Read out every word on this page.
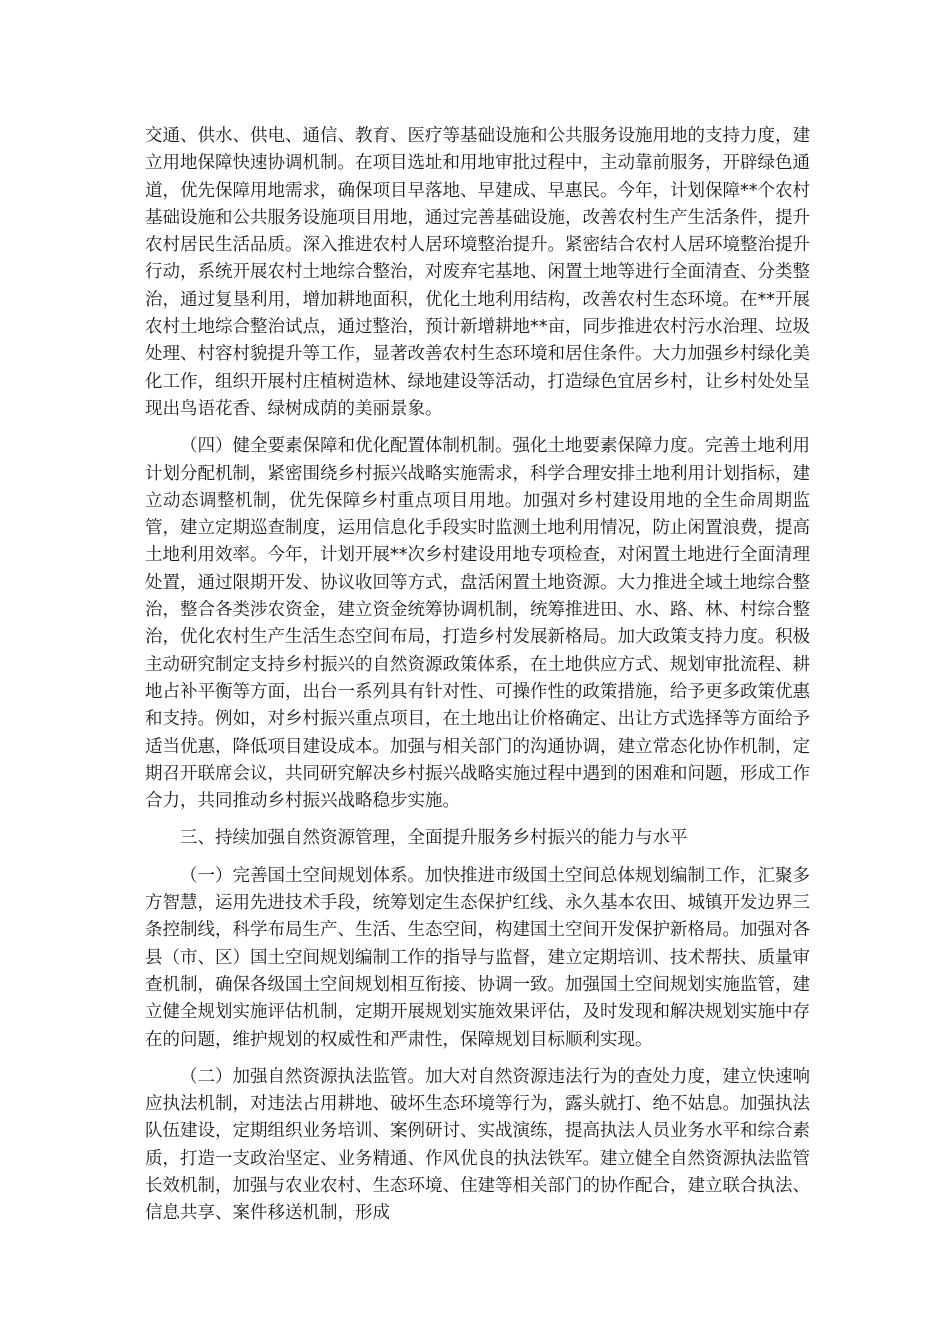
交通、供水、供电、通信、教育、医疗等基础设施和公共服务设施用地的支持力度，建立用地保障快速协调机制。在项目选址和用地审批过程中，主动靠前服务，开辟绿色通道，优先保障用地需求，确保项目早落地、早建成、早惠民。今年，计划保障**个农村基础设施和公共服务设施项目用地，通过完善基础设施，改善农村生产生活条件，提升农村居民生活品质。深入推进农村人居环境整治提升。紧密结合农村人居环境整治提升行动，系统开展农村土地综合整治，对废弃宅基地、闲置土地等进行全面清查、分类整治，通过复垦利用，增加耕地面积，优化土地利用结构，改善农村生态环境。在**开展农村土地综合整治试点，通过整治，预计新增耕地**亩，同步推进农村污水治理、垃圾处理、村容村貌提升等工作，显著改善农村生态环境和居住条件。大力加强乡村绿化美化工作，组织开展村庄植树造林、绿地建设等活动，打造绿色宜居乡村，让乡村处处呈现出鸟语花香、绿树成荫的美丽景象。

（四）健全要素保障和优化配置体制机制。强化土地要素保障力度。完善土地利用计划分配机制，紧密围绕乡村振兴战略实施需求，科学合理安排土地利用计划指标，建立动态调整机制，优先保障乡村重点项目用地。加强对乡村建设用地的全生命周期监管，建立定期巡查制度，运用信息化手段实时监测土地利用情况，防止闲置浪费，提高土地利用效率。今年，计划开展**次乡村建设用地专项检查，对闲置土地进行全面清理处置，通过限期开发、协议收回等方式，盘活闲置土地资源。大力推进全域土地综合整治，整合各类涉农资金，建立资金统筹协调机制，统筹推进田、水、路、林、村综合整治，优化农村生产生活生态空间布局，打造乡村发展新格局。加大政策支持力度。积极主动研究制定支持乡村振兴的自然资源政策体系，在土地供应方式、规划审批流程、耕地占补平衡等方面，出台一系列具有针对性、可操作性的政策措施，给予更多政策优惠和支持。例如，对乡村振兴重点项目，在土地出让价格确定、出让方式选择等方面给予适当优惠，降低项目建设成本。加强与相关部门的沟通协调，建立常态化协作机制，定期召开联席会议，共同研究解决乡村振兴战略实施过程中遇到的困难和问题，形成工作合力，共同推动乡村振兴战略稳步实施。

三、持续加强自然资源管理，全面提升服务乡村振兴的能力与水平

（一）完善国土空间规划体系。加快推进市级国土空间总体规划编制工作，汇聚多方智慧，运用先进技术手段，统筹划定生态保护红线、永久基本农田、城镇开发边界三条控制线，科学布局生产、生活、生态空间，构建国土空间开发保护新格局。加强对各县（市、区）国土空间规划编制工作的指导与监督，建立定期培训、技术帮扶、质量审查机制，确保各级国土空间规划相互衔接、协调一致。加强国土空间规划实施监管，建立健全规划实施评估机制，定期开展规划实施效果评估，及时发现和解决规划实施中存在的问题，维护规划的权威性和严肃性，保障规划目标顺利实现。

（二）加强自然资源执法监管。加大对自然资源违法行为的查处力度，建立快速响应执法机制，对违法占用耕地、破坏生态环境等行为，露头就打、绝不姑息。加强执法队伍建设，定期组织业务培训、案例研讨、实战演练，提高执法人员业务水平和综合素质，打造一支政治坚定、业务精通、作风优良的执法铁军。建立健全自然资源执法监管长效机制，加强与农业农村、生态环境、住建等相关部门的协作配合，建立联合执法、信息共享、案件移送机制，形成
